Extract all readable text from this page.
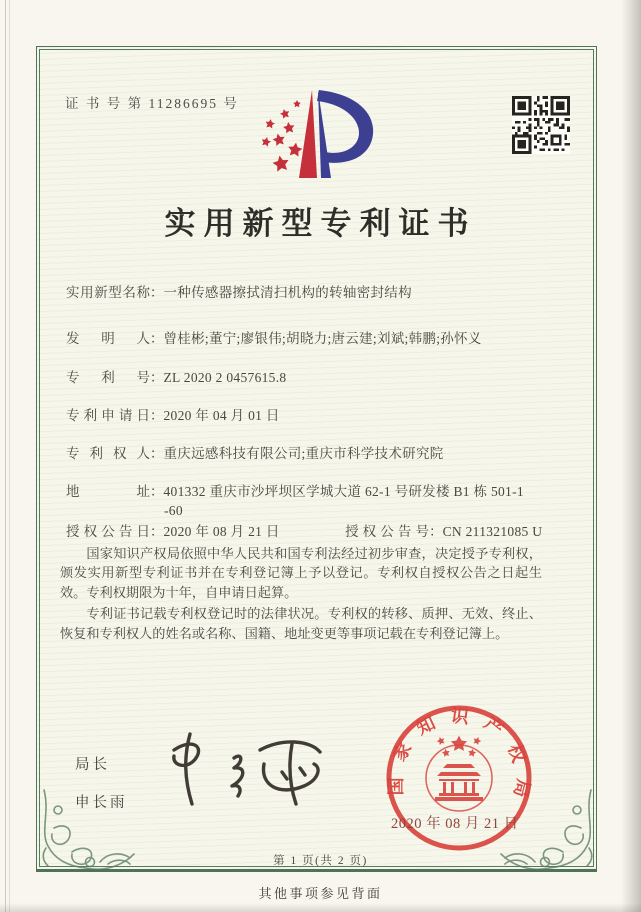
证 书 号 第 11286695 号
实用新型专利证书
实用新型名称：一种传感器擦拭清扫机构的转轴密封结构
发明人：曾桂彬;董宁;廖银伟;胡晓力;唐云建;刘斌;韩鹏;孙怀义
专利号：ZL 2020 2 0457615.8
专利申请日：2020 年 04 月 01 日
专利权人：重庆远感科技有限公司;重庆市科学技术研究院
地址：401332 重庆市沙坪坝区学城大道 62-1 号研发楼 B1 栋 501-1
-60
授权公告日：2020 年 08 月 21 日	授权公告号：CN 211321085 U

国家知识产权局依照中华人民共和国专利法经过初步审查，决定授予专利权，颁发实用新型专利证书并在专利登记簿上予以登记。专利权自授权公告之日起生效。专利权期限为十年，自申请日起算。

专利证书记载专利权登记时的法律状况。专利权的转移、质押、无效、终止、恢复和专利权人的姓名或名称、国籍、地址变更等事项记载在专利登记簿上。

局长
申长雨
国家知识产权局
2020 年 08 月 21 日
第 1 页(共 2 页)
其他事项参见背面
